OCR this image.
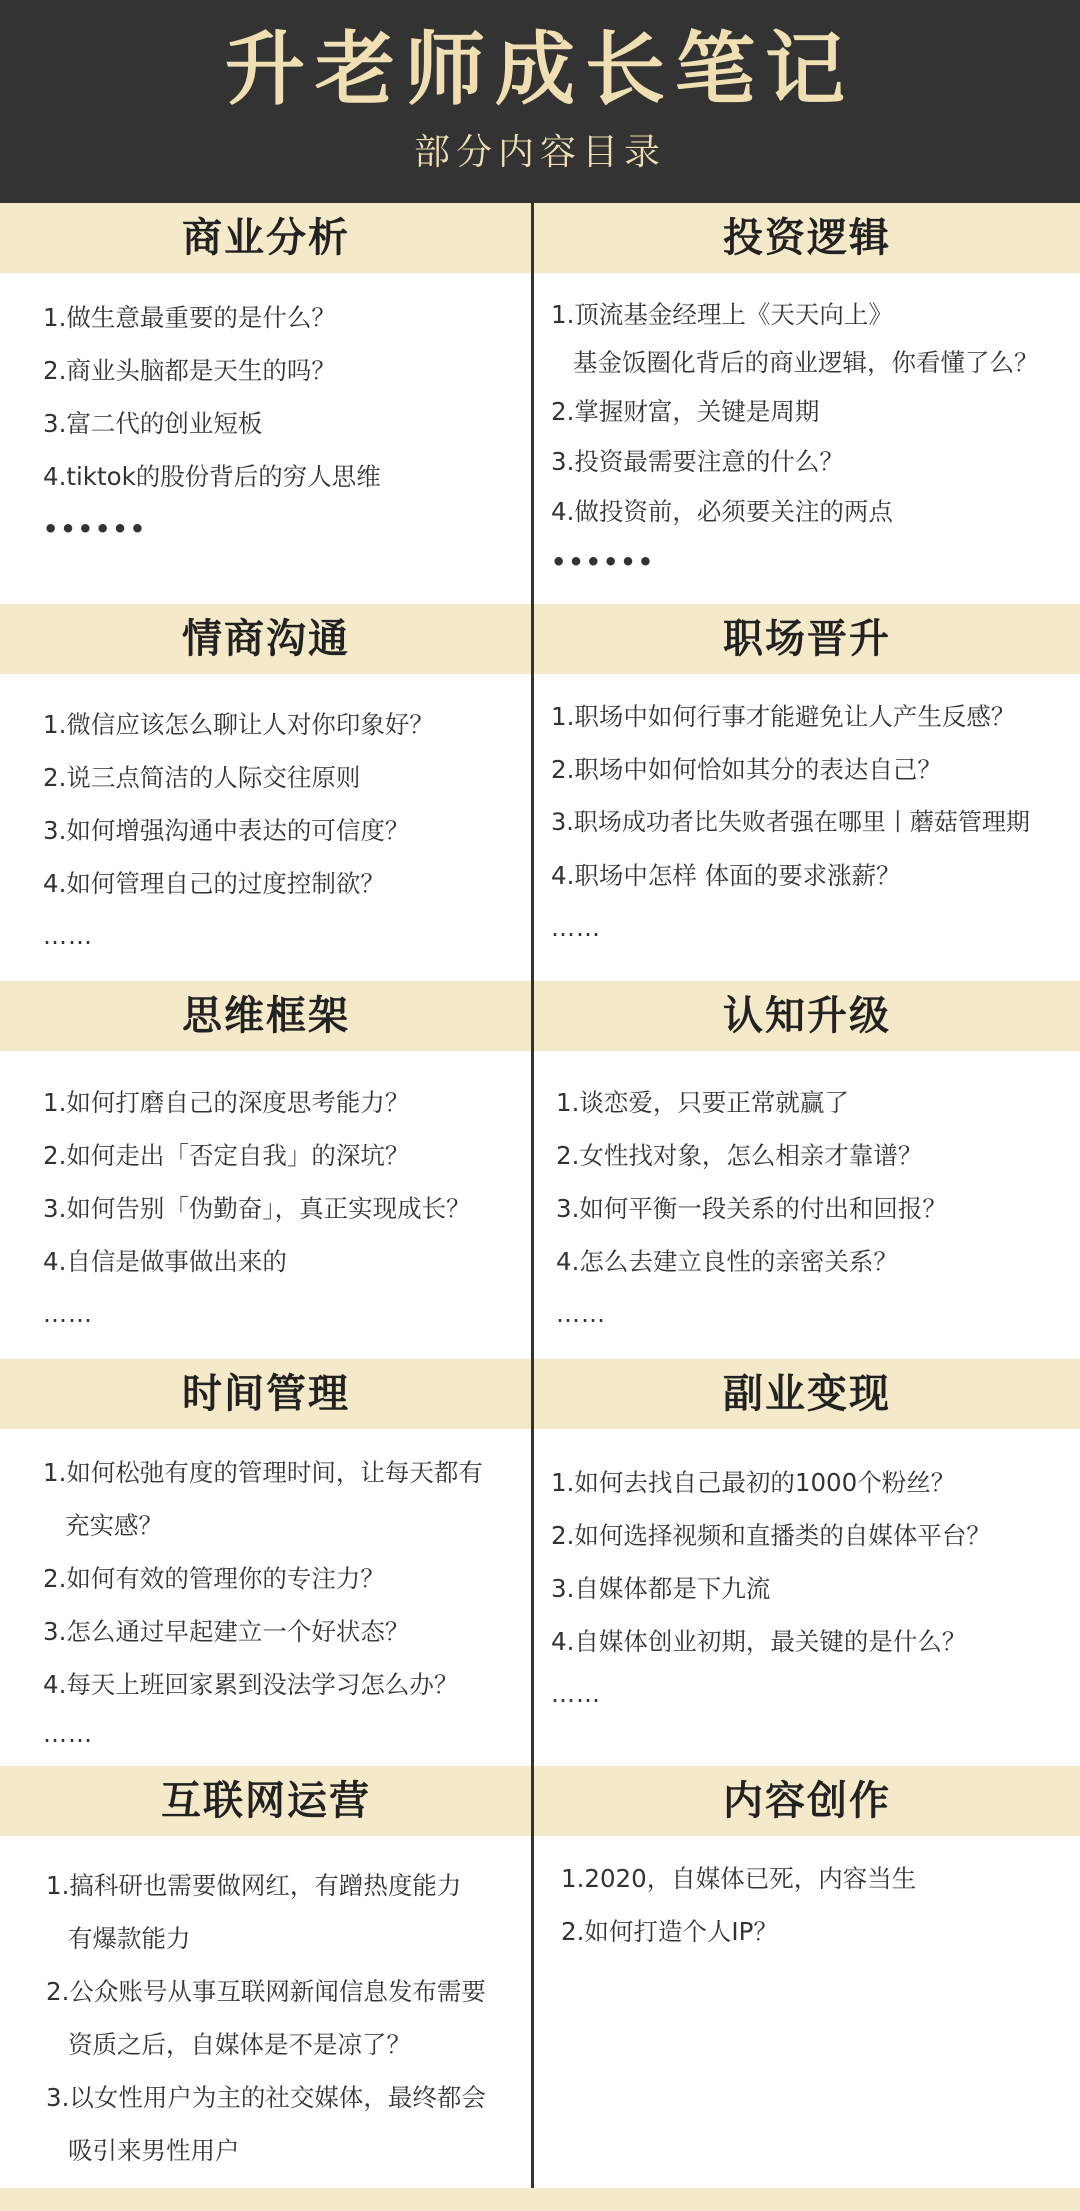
升老师成长笔记
部分内容目录
商业分析	投资逻辑
1.做生意最重要的是什么？
2.商业头脑都是天生的吗？
3.富二代的创业短板
4.tiktok的股份背后的穷人思维
••••••
1.顶流基金经理上《天天向上》
基金饭圈化背后的商业逻辑，你看懂了么？
2.掌握财富，关键是周期
3.投资最需要注意的什么？
4.做投资前，必须要关注的两点
••••••
情商沟通	职场晋升
1.微信应该怎么聊让人对你印象好？
2.说三点简洁的人际交往原则
3.如何增强沟通中表达的可信度？
4.如何管理自己的过度控制欲？
……
1.职场中如何行事才能避免让人产生反感？
2.职场中如何恰如其分的表达自己？
3.职场成功者比失败者强在哪里丨蘑菇管理期
4.职场中怎样 体面的要求涨薪？
……
思维框架	认知升级
1.如何打磨自己的深度思考能力？
2.如何走出「否定自我」的深坑？
3.如何告别「伪勤奋」，真正实现成长？
4.自信是做事做出来的
……
1.谈恋爱，只要正常就赢了
2.女性找对象，怎么相亲才靠谱？
3.如何平衡一段关系的付出和回报？
4.怎么去建立良性的亲密关系？
……
时间管理	副业变现
1.如何松弛有度的管理时间，让每天都有
充实感？
2.如何有效的管理你的专注力？
3.怎么通过早起建立一个好状态？
4.每天上班回家累到没法学习怎么办？
……
1.如何去找自己最初的1000个粉丝？
2.如何选择视频和直播类的自媒体平台？
3.自媒体都是下九流
4.自媒体创业初期，最关键的是什么？
……
互联网运营	内容创作
1.搞科研也需要做网红，有蹭热度能力
有爆款能力
2.公众账号从事互联网新闻信息发布需要
资质之后，自媒体是不是凉了？
3.以女性用户为主的社交媒体，最终都会
吸引来男性用户
1.2020，自媒体已死，内容当生
2.如何打造个人IP？
